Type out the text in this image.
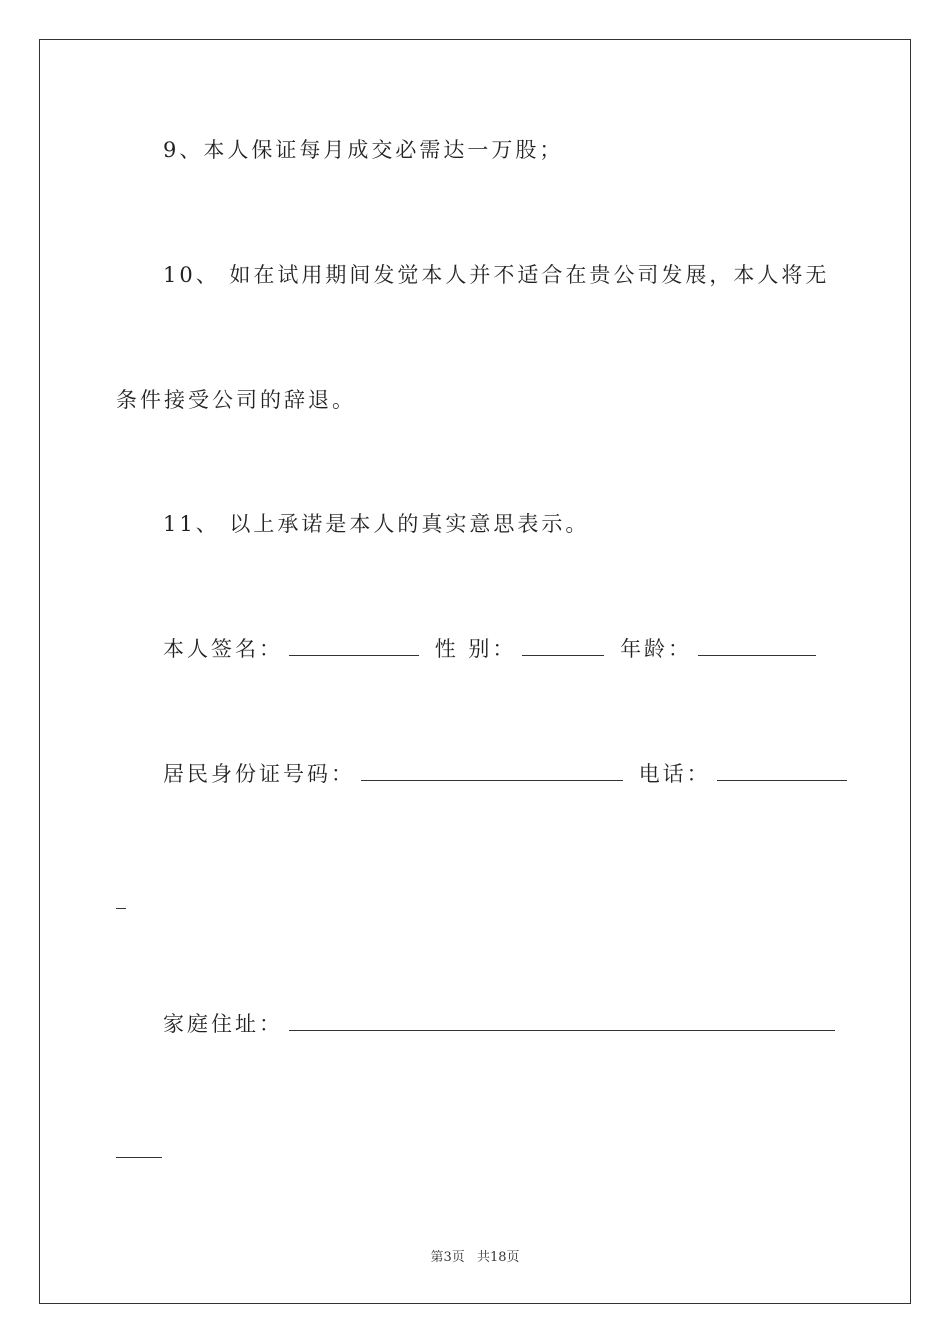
9、本人保证每月成交必需达一万股；
10、 如在试用期间发觉本人并不适合在贵公司发展，本人将无
条件接受公司的辞退。
11、 以上承诺是本人的真实意思表示。
本人签名：	性 别：	年龄：
居民身份证号码：	电话：
家庭住址：
第3页 共18页
